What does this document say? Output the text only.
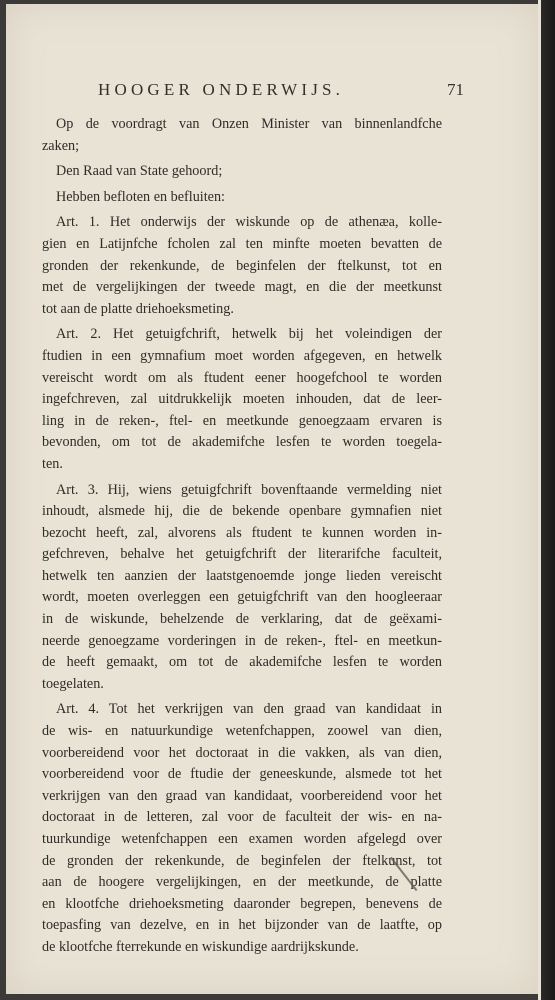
HOOGER ONDERWIJS.	71
Op de voordragt van Onzen Minister van binnenlandfche
zaken;
Den Raad van State gehoord;
Hebben befloten en befluiten:
Art. 1. Het onderwijs der wiskunde op de athenæa, kolle-
gien en Latijnfche fcholen zal ten minfte moeten bevatten de
gronden der rekenkunde, de beginfelen der ftelkunst, tot en
met de vergelijkingen der tweede magt, en die der meetkunst
tot aan de platte driehoeksmeting.
Art. 2. Het getuigfchrift, hetwelk bij het voleindigen der
ftudien in een gymnafium moet worden afgegeven, en hetwelk
vereischt wordt om als ftudent eener hoogefchool te worden
ingefchreven, zal uitdrukkelijk moeten inhouden, dat de leer-
ling in de reken-, ftel- en meetkunde genoegzaam ervaren is
bevonden, om tot de akademifche lesfen te worden toegela-
ten.
Art. 3. Hij, wiens getuigfchrift bovenftaande vermelding niet
inhoudt, alsmede hij, die de bekende openbare gymnafien niet
bezocht heeft, zal, alvorens als ftudent te kunnen worden in-
gefchreven, behalve het getuigfchrift der literarifche faculteit,
hetwelk ten aanzien der laatstgenoemde jonge lieden vereischt
wordt, moeten overleggen een getuigfchrift van den hoogleeraar
in de wiskunde, behelzende de verklaring, dat de geëxami-
neerde genoegzame vorderingen in de reken-, ftel- en meetkun-
de heeft gemaakt, om tot de akademifche lesfen te worden
toegelaten.
Art. 4. Tot het verkrijgen van den graad van kandidaat in
de wis- en natuurkundige wetenfchappen, zoowel van dien,
voorbereidend voor het doctoraat in die vakken, als van dien,
voorbereidend voor de ftudie der geneeskunde, alsmede tot het
verkrijgen van den graad van kandidaat, voorbereidend voor het
doctoraat in de letteren, zal voor de faculteit der wis- en na-
tuurkundige wetenfchappen een examen worden afgelegd over
de gronden der rekenkunde, de beginfelen der ftelkunst, tot
aan de hoogere vergelijkingen, en der meetkunde, de platte
en klootfche driehoeksmeting daaronder begrepen, benevens de
toepasfing van dezelve, en in het bijzonder van de laatfte, op
de klootfche fterrekunde en wiskundige aardrijkskunde.
